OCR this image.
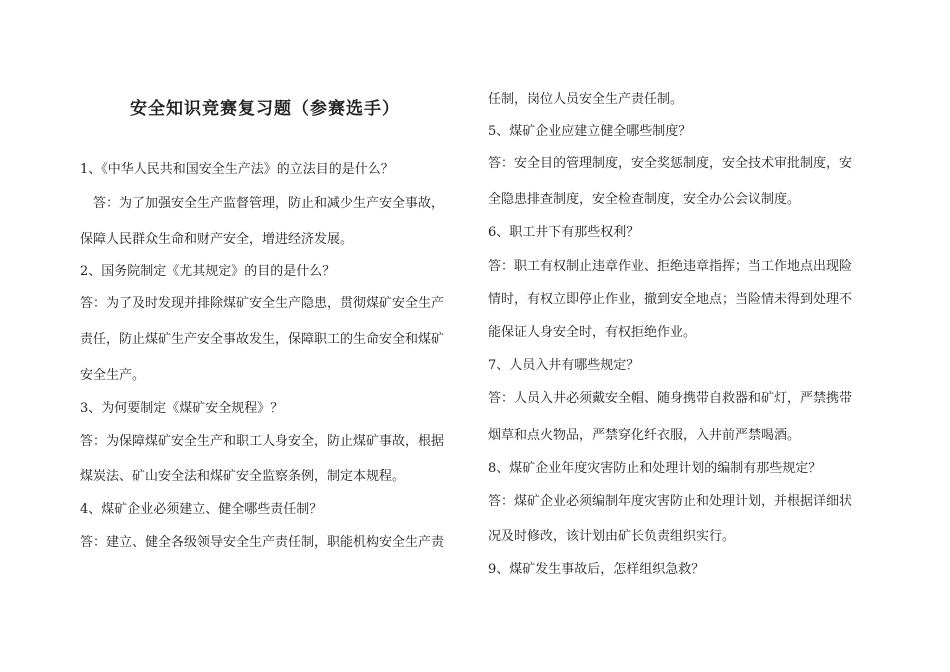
安全知识竞赛复习题（参赛选手）
1、《中华人民共和国安全生产法》的立法目的是什么？
　答：为了加强安全生产监督管理，防止和减少生产安全事故，
保障人民群众生命和财产安全，增进经济发展。
2、国务院制定《尤其规定》的目的是什么？
答：为了及时发现并排除煤矿安全生产隐患，贯彻煤矿安全生产
责任，防止煤矿生产安全事故发生，保障职工的生命安全和煤矿
安全生产。
3、为何要制定《煤矿安全规程》？
答：为保障煤矿安全生产和职工人身安全，防止煤矿事故，根据
煤炭法、矿山安全法和煤矿安全监察条例，制定本规程。
4、煤矿企业必须建立、健全哪些责任制？
答：建立、健全各级领导安全生产责任制，职能机构安全生产责
任制，岗位人员安全生产责任制。
5、煤矿企业应建立健全哪些制度？
答：安全目的管理制度，安全奖惩制度，安全技术审批制度，安
全隐患排查制度，安全检查制度，安全办公会议制度。
6、职工井下有那些权利？
答：职工有权制止违章作业、拒绝违章指挥；当工作地点出现险
情时，有权立即停止作业，撤到安全地点；当险情未得到处理不
能保证人身安全时，有权拒绝作业。
7、人员入井有哪些规定？
答：人员入井必须戴安全帽、随身携带自救器和矿灯，严禁携带
烟草和点火物品，严禁穿化纤衣服，入井前严禁喝酒。
8、煤矿企业年度灾害防止和处理计划的编制有那些规定？
答：煤矿企业必须编制年度灾害防止和处理计划，并根据详细状
况及时修改，该计划由矿长负责组织实行。
9、煤矿发生事故后，怎样组织急救？
